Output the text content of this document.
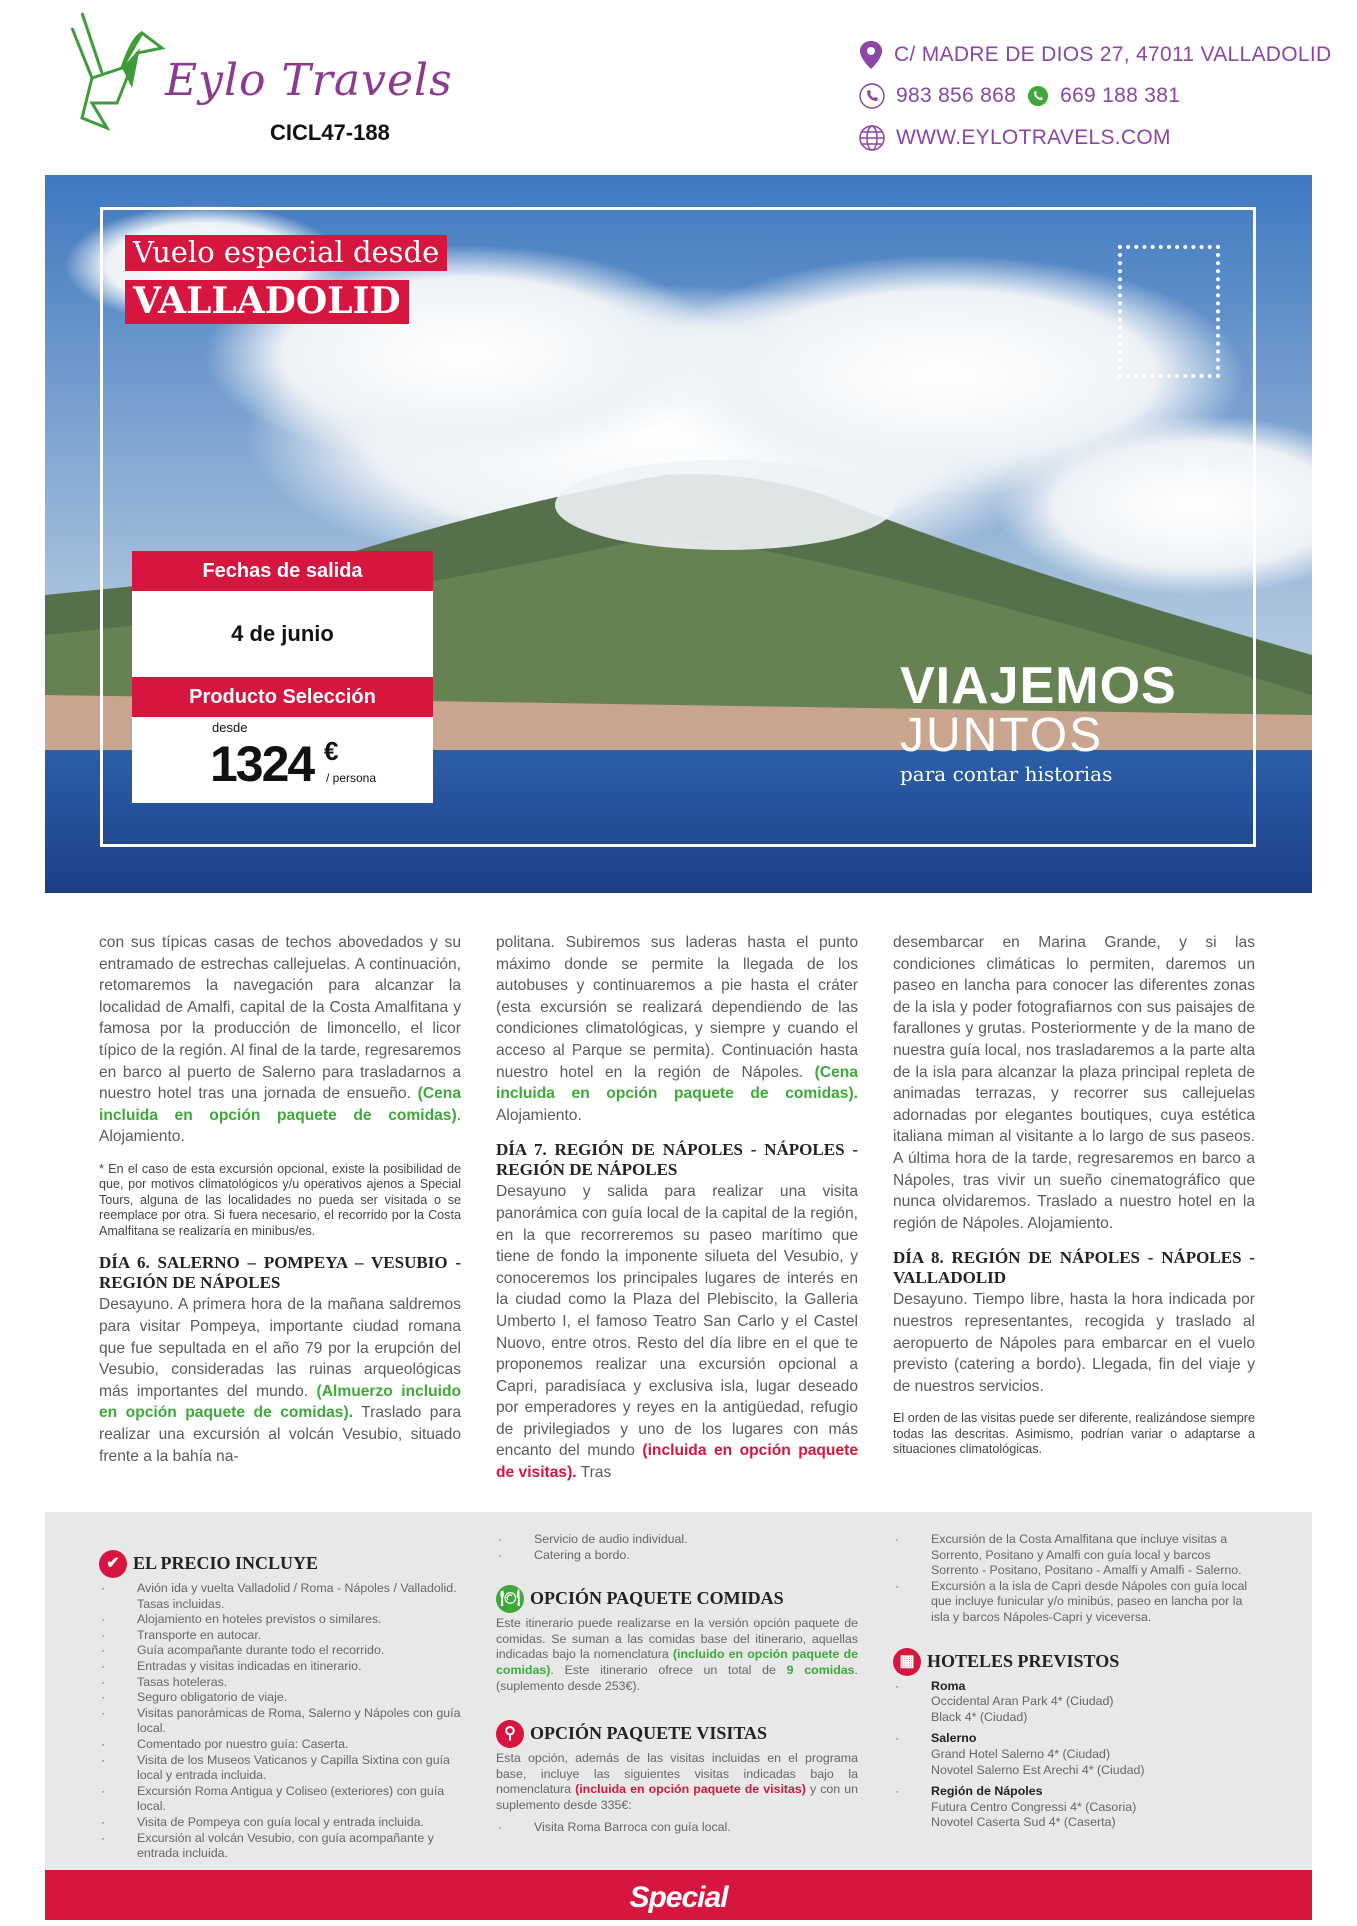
Eylo Travels
CICL47-188
C/ MADRE DE DIOS 27, 47011 VALLADOLID
983 856 868 669 188 381
WWW.EYLOTRAVELS.COM
Vuelo especial desde
VALLADOLID
Fechas de salida
4 de junio
Producto Selección
desde
1324 €
/ persona
VIAJEMOS
JUNTOS
para contar historias

con sus típicas casas de techos abovedados y su entramado de estrechas callejuelas. A continuación, retomaremos la navegación para alcanzar la localidad de Amalfi, capital de la Costa Amalfitana y famosa por la producción de limoncello, el licor típico de la región. Al final de la tarde, regresaremos en barco al puerto de Salerno para trasladarnos a nuestro hotel tras una jornada de ensueño. (Cena incluida en opción paquete de comidas). Alojamiento.

* En el caso de esta excursión opcional, existe la posibilidad de que, por motivos climatológicos y/u operativos ajenos a Special Tours, alguna de las localidades no pueda ser visitada o se reemplace por otra. Si fuera necesario, el recorrido por la Costa Amalfitana se realizaría en minibus/es.

DÍA 6. SALERNO – POMPEYA – VESUBIO - REGIÓN DE NÁPOLES

Desayuno. A primera hora de la mañana saldremos para visitar Pompeya, importante ciudad romana que fue sepultada en el año 79 por la erupción del Vesubio, consideradas las ruinas arqueológicas más importantes del mundo. (Almuerzo incluido en opción paquete de comidas). Traslado para realizar una excursión al volcán Vesubio, situado frente a la bahía na-

politana. Subiremos sus laderas hasta el punto máximo donde se permite la llegada de los autobuses y continuaremos a pie hasta el cráter (esta excursión se realizará dependiendo de las condiciones climatológicas, y siempre y cuando el acceso al Parque se permita). Continuación hasta nuestro hotel en la región de Nápoles. (Cena incluida en opción paquete de comidas). Alojamiento.

DÍA 7. REGIÓN DE NÁPOLES - NÁPOLES - REGIÓN DE NÁPOLES

Desayuno y salida para realizar una visita panorámica con guía local de la capital de la región, en la que recorreremos su paseo marítimo que tiene de fondo la imponente silueta del Vesubio, y conoceremos los principales lugares de interés en la ciudad como la Plaza del Plebiscito, la Galleria Umberto I, el famoso Teatro San Carlo y el Castel Nuovo, entre otros. Resto del día libre en el que te proponemos realizar una excursión opcional a Capri, paradisíaca y exclusiva isla, lugar deseado por emperadores y reyes en la antigüedad, refugio de privilegiados y uno de los lugares con más encanto del mundo (incluida en opción paquete de visitas). Tras

desembarcar en Marina Grande, y si las condiciones climáticas lo permiten, daremos un paseo en lancha para conocer las diferentes zonas de la isla y poder fotografiarnos con sus paisajes de farallones y grutas. Posteriormente y de la mano de nuestra guía local, nos trasladaremos a la parte alta de la isla para alcanzar la plaza principal repleta de animadas terrazas, y recorrer sus callejuelas adornadas por elegantes boutiques, cuya estética italiana miman al visitante a lo largo de sus paseos. A última hora de la tarde, regresaremos en barco a Nápoles, tras vivir un sueño cinematográfico que nunca olvidaremos. Traslado a nuestro hotel en la región de Nápoles. Alojamiento.

DÍA 8. REGIÓN DE NÁPOLES - NÁPOLES - VALLADOLID

Desayuno. Tiempo libre, hasta la hora indicada por nuestros representantes, recogida y traslado al aeropuerto de Nápoles para embarcar en el vuelo previsto (catering a bordo). Llegada, fin del viaje y de nuestros servicios.

El orden de las visitas puede ser diferente, realizándose siempre todas las descritas. Asimismo, podrían variar o adaptarse a situaciones climatológicas.

✔ EL PRECIO INCLUYE
· Avión ida y vuelta Valladolid / Roma - Nápoles / Valladolid. Tasas incluidas.
· Alojamiento en hoteles previstos o similares.
· Transporte en autocar.
· Guía acompañante durante todo el recorrido.
· Entradas y visitas indicadas en itinerario.
· Tasas hoteleras.
· Seguro obligatorio de viaje.
· Visitas panorámicas de Roma, Salerno y Nápoles con guía local.
· Comentado por nuestro guía: Caserta.
· Visita de los Museos Vaticanos y Capilla Sixtina con guía local y entrada incluida.
· Excursión Roma Antigua y Coliseo (exteriores) con guía local.
· Visita de Pompeya con guía local y entrada incluida.
· Excursión al volcán Vesubio, con guía acompañante y entrada incluida.
· Servicio de audio individual.
· Catering a bordo.
🍽 OPCIÓN PAQUETE COMIDAS

Este itinerario puede realizarse en la versión opción paquete de comidas. Se suman a las comidas base del itinerario, aquellas indicadas bajo la nomenclatura (incluido en opción paquete de comidas). Este itinerario ofrece un total de 9 comidas. (suplemento desde 253€).

⚲ OPCIÓN PAQUETE VISITAS

Esta opción, además de las visitas incluidas en el programa base, incluye las siguientes visitas indicadas bajo la nomenclatura (incluida en opción paquete de visitas) y con un suplemento desde 335€:

· Visita Roma Barroca con guía local.
· Excursión de la Costa Amalfitana que incluye visitas a Sorrento, Positano y Amalfi con guía local y barcos Sorrento - Positano, Positano - Amalfi y Amalfi - Salerno.
· Excursión a la isla de Capri desde Nápoles con guía local que incluye funicular y/o minibús, paseo en lancha por la isla y barcos Nápoles-Capri y viceversa.
▦ HOTELES PREVISTOS
· Roma
Occidental Aran Park 4* (Ciudad)
Black 4* (Ciudad)
· Salerno
Grand Hotel Salerno 4* (Ciudad)
Novotel Salerno Est Arechi 4* (Ciudad)
· Región de Nápoles
Futura Centro Congressi 4* (Casoria)
Novotel Caserta Sud 4* (Caserta)
Special
